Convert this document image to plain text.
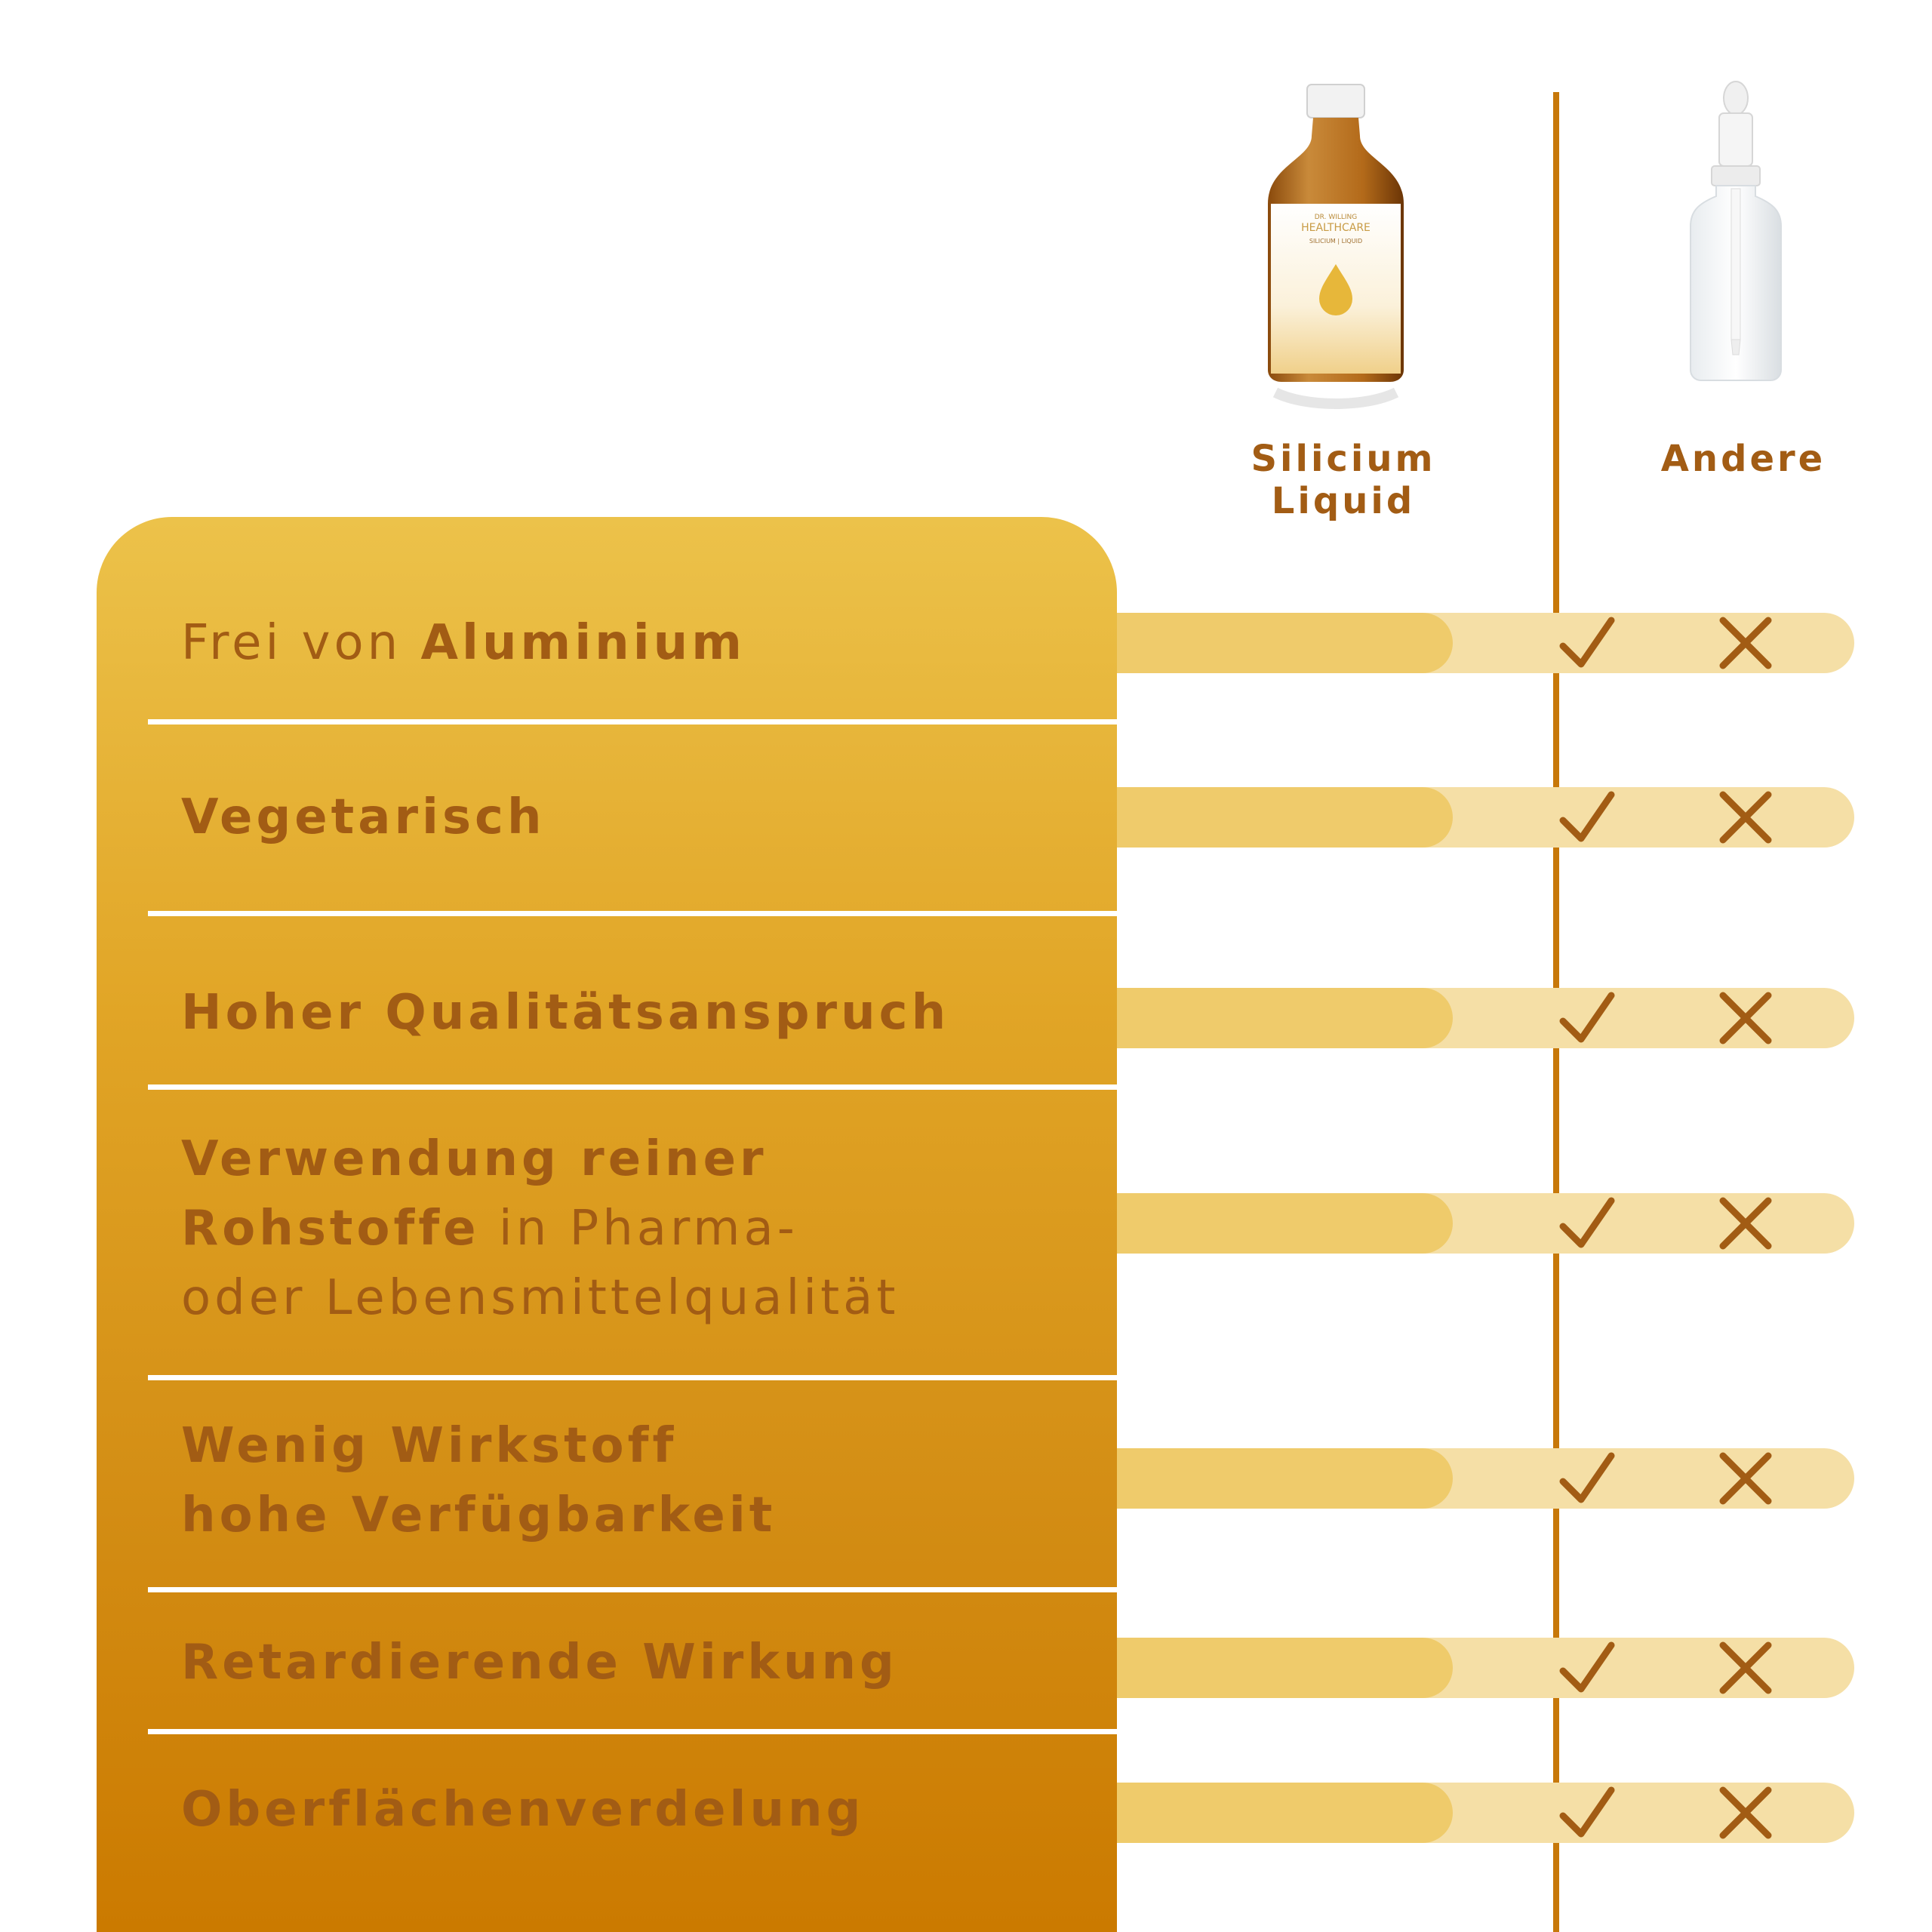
DR. WILLING
HEALTHCARE
SILICIUM | LIQUID
Silicium Liquid
Andere
Frei von Aluminium
Vegetarisch
Hoher Qualitätsanspruch
Verwendung reiner
Rohstoffe in Pharma-
oder Lebensmittelqualität
Wenig Wirkstoff
hohe Verfügbarkeit
Retardierende Wirkung
Oberflächenverdelung
